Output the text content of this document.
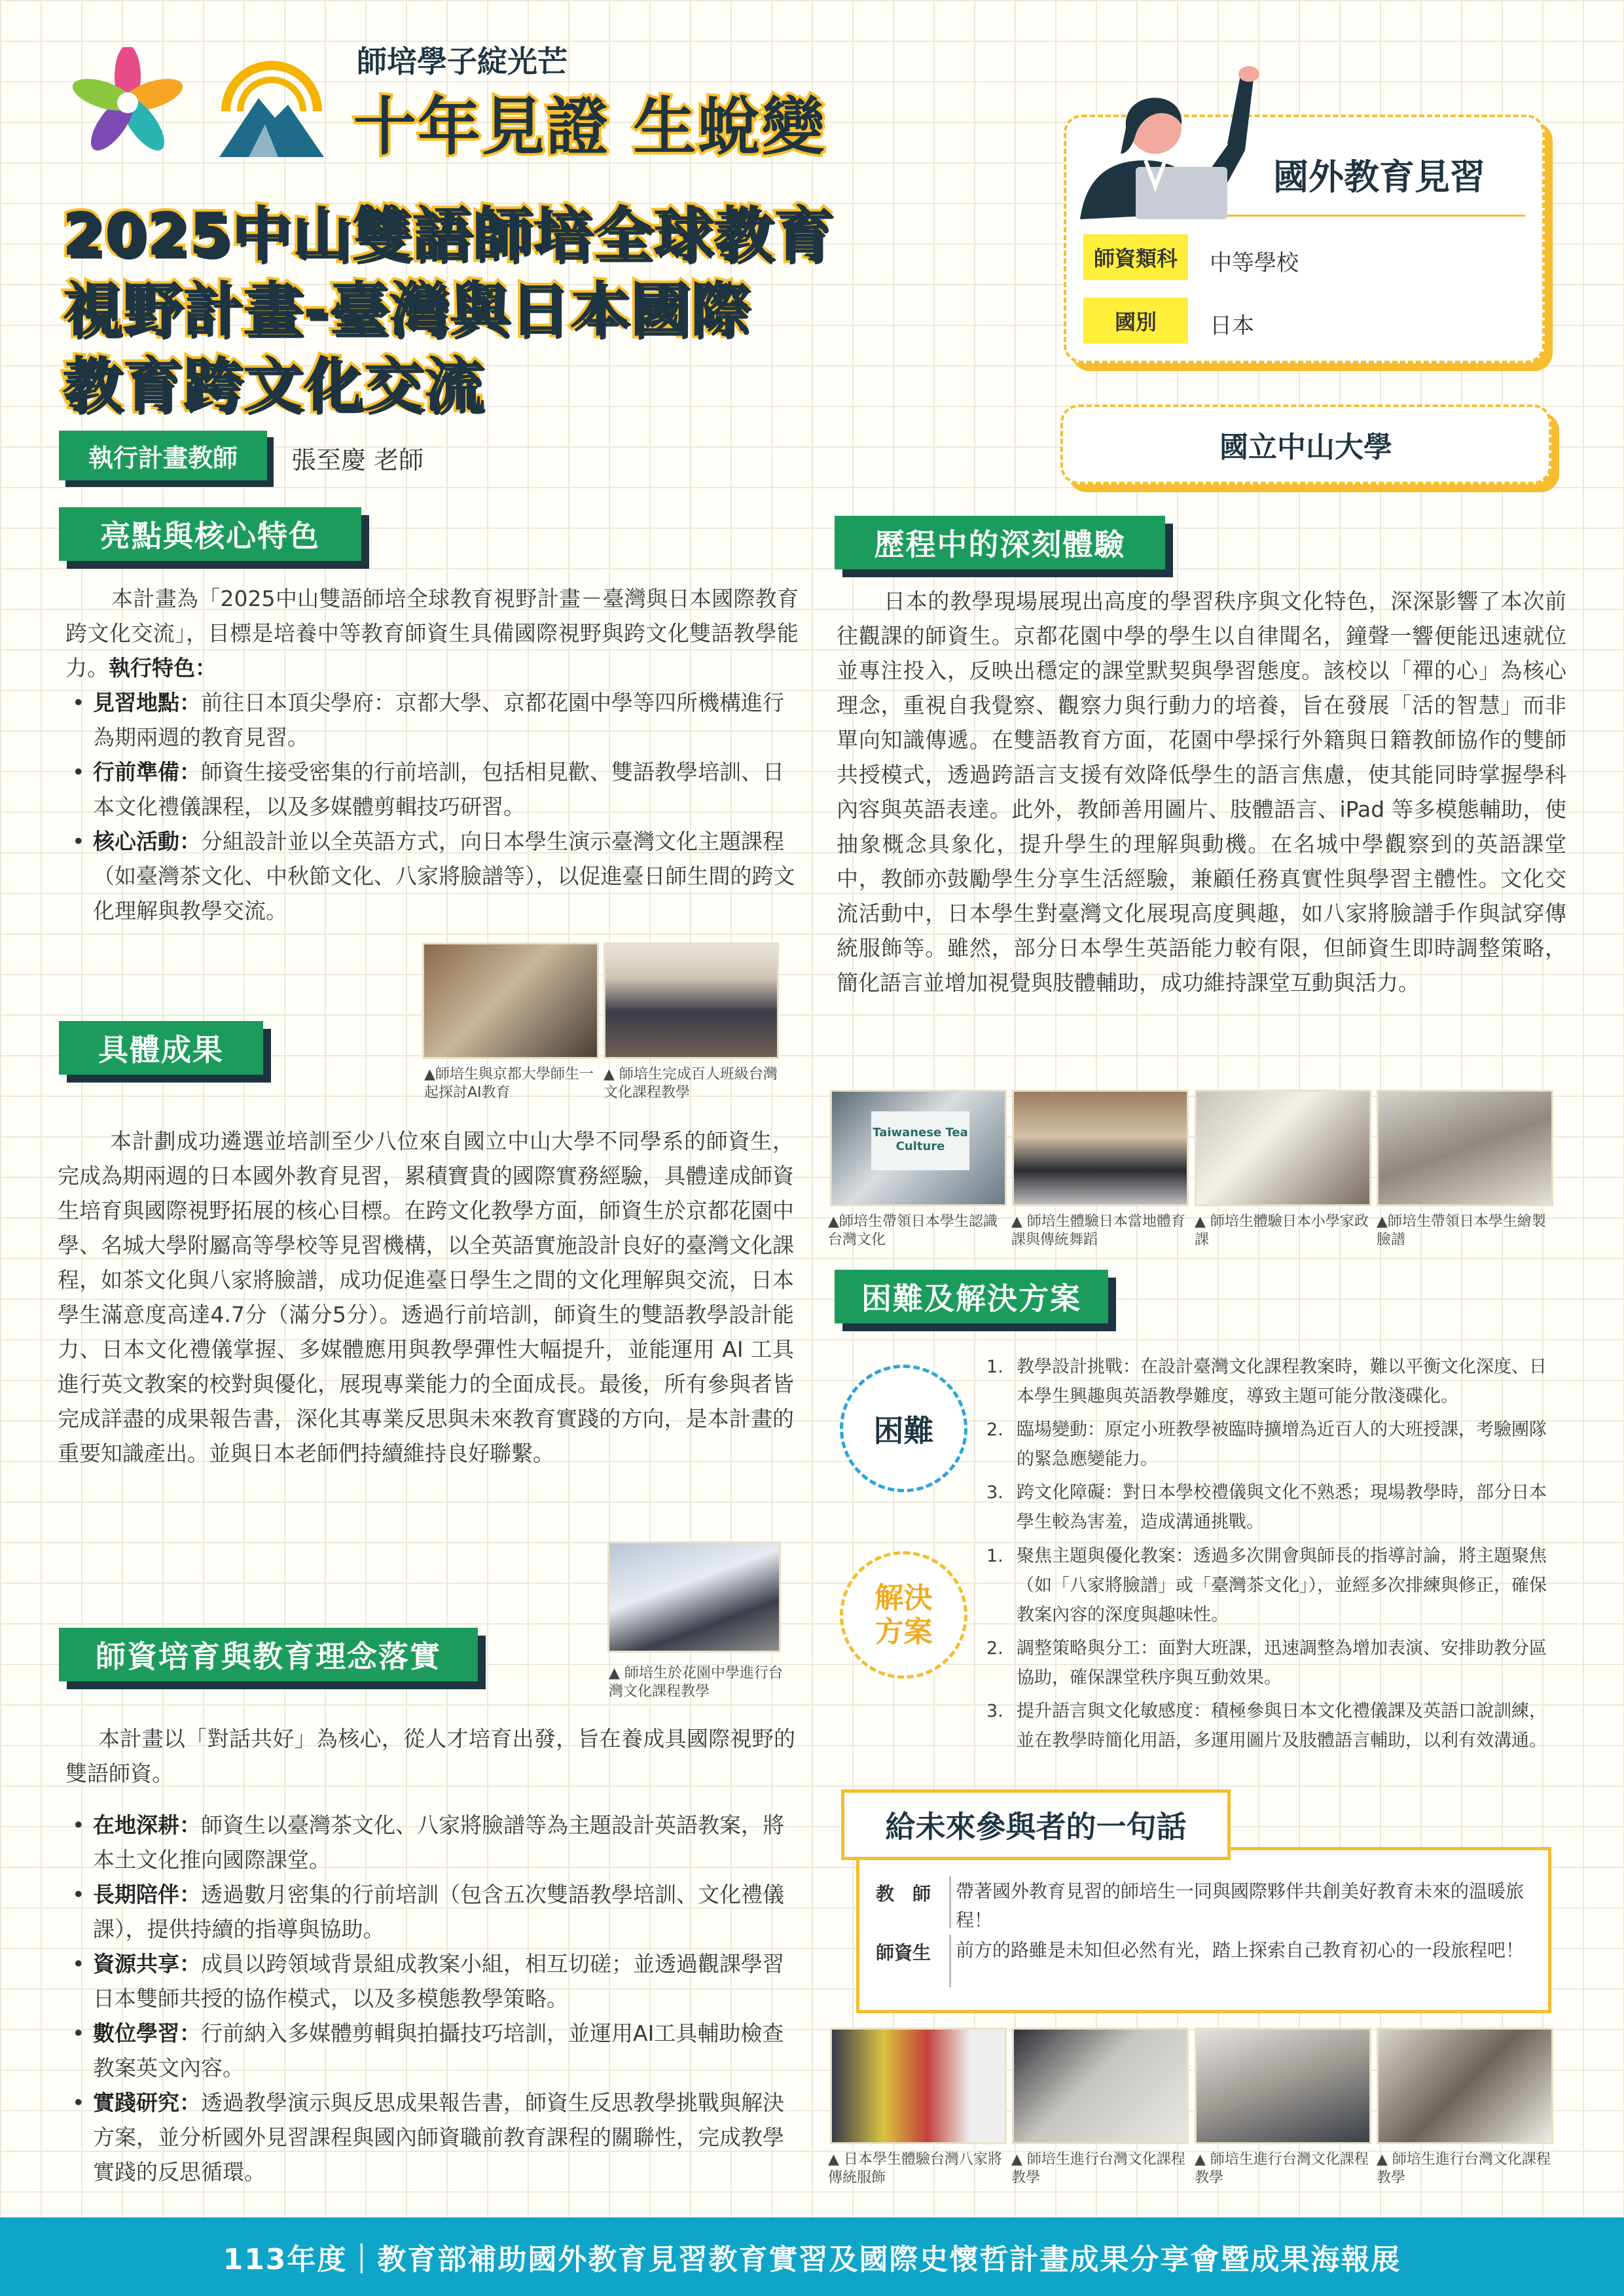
師培學子綻光芒
十年見證 生蛻變
2025中山雙語師培全球教育
視野計畫-臺灣與日本國際
教育跨文化交流
執行計畫教師	張至慶 老師
國外教育見習
師資類科	中等學校
國別	日本
國立中山大學
亮點與核心特色
本計畫為「2025中山雙語師培全球教育視野計畫－臺灣與日本國際教育跨文化交流」，目標是培養中等教育師資生具備國際視野與跨文化雙語教學能力。執行特色：
• 見習地點：前往日本頂尖學府：京都大學、京都花園中學等四所機構進行為期兩週的教育見習。
• 行前準備：師資生接受密集的行前培訓，包括相見歡、雙語教學培訓、日本文化禮儀課程，以及多媒體剪輯技巧研習。
• 核心活動：分組設計並以全英語方式，向日本學生演示臺灣文化主題課程（如臺灣茶文化、中秋節文化、八家將臉譜等），以促進臺日師生間的跨文化理解與教學交流。
▲師培生與京都大學師生一起探討AI教育
▲ 師培生完成百人班級台灣文化課程教學
具體成果
本計劃成功遴選並培訓至少八位來自國立中山大學不同學系的師資生，完成為期兩週的日本國外教育見習，累積寶貴的國際實務經驗，具體達成師資生培育與國際視野拓展的核心目標。在跨文化教學方面，師資生於京都花園中學、名城大學附屬高等學校等見習機構，以全英語實施設計良好的臺灣文化課程，如茶文化與八家將臉譜，成功促進臺日學生之間的文化理解與交流，日本學生滿意度高達4.7分（滿分5分）。透過行前培訓，師資生的雙語教學設計能力、日本文化禮儀掌握、多媒體應用與教學彈性大幅提升，並能運用 AI 工具進行英文教案的校對與優化，展現專業能力的全面成長。最後，所有參與者皆完成詳盡的成果報告書，深化其專業反思與未來教育實踐的方向，是本計畫的重要知識產出。並與日本老師們持續維持良好聯繫。
▲ 師培生於花園中學進行台灣文化課程教學
師資培育與教育理念落實
本計畫以「對話共好」為核心，從人才培育出發，旨在養成具國際視野的雙語師資。
• 在地深耕：師資生以臺灣茶文化、八家將臉譜等為主題設計英語教案，將本土文化推向國際課堂。
• 長期陪伴：透過數月密集的行前培訓（包含五次雙語教學培訓、文化禮儀課），提供持續的指導與協助。
• 資源共享：成員以跨領域背景組成教案小組，相互切磋；並透過觀課學習日本雙師共授的協作模式，以及多模態教學策略。
• 數位學習：行前納入多媒體剪輯與拍攝技巧培訓，並運用AI工具輔助檢查教案英文內容。
• 實踐研究：透過教學演示與反思成果報告書，師資生反思教學挑戰與解決方案，並分析國外見習課程與國內師資職前教育課程的關聯性，完成教學實踐的反思循環。
歷程中的深刻體驗
日本的教學現場展現出高度的學習秩序與文化特色，深深影響了本次前往觀課的師資生。京都花園中學的學生以自律聞名，鐘聲一響便能迅速就位並專注投入，反映出穩定的課堂默契與學習態度。該校以「禪的心」為核心理念，重視自我覺察、觀察力與行動力的培養，旨在發展「活的智慧」而非單向知識傳遞。在雙語教育方面，花園中學採行外籍與日籍教師協作的雙師共授模式，透過跨語言支援有效降低學生的語言焦慮，使其能同時掌握學科內容與英語表達。此外，教師善用圖片、肢體語言、iPad 等多模態輔助，使抽象概念具象化，提升學生的理解與動機。在名城中學觀察到的英語課堂中，教師亦鼓勵學生分享生活經驗，兼顧任務真實性與學習主體性。文化交流活動中，日本學生對臺灣文化展現高度興趣，如八家將臉譜手作與試穿傳統服飾等。雖然，部分日本學生英語能力較有限，但師資生即時調整策略，簡化語言並增加視覺與肢體輔助，成功維持課堂互動與活力。
Taiwanese Tea Culture
▲師培生帶領日本學生認識台灣文化
▲ 師培生體驗日本當地體育課與傳統舞蹈
▲ 師培生體驗日本小學家政課
▲師培生帶領日本學生繪製臉譜
困難及解決方案
困難
1. 教學設計挑戰：在設計臺灣文化課程教案時，難以平衡文化深度、日本學生興趣與英語教學難度，導致主題可能分散淺碟化。
2. 臨場變動：原定小班教學被臨時擴增為近百人的大班授課，考驗團隊的緊急應變能力。
3. 跨文化障礙：對日本學校禮儀與文化不熟悉；現場教學時，部分日本學生較為害羞，造成溝通挑戰。
解決
方案
1. 聚焦主題與優化教案：透過多次開會與師長的指導討論，將主題聚焦（如「八家將臉譜」或「臺灣茶文化」），並經多次排練與修正，確保教案內容的深度與趣味性。
2. 調整策略與分工：面對大班課，迅速調整為增加表演、安排助教分區協助，確保課堂秩序與互動效果。
3. 提升語言與文化敏感度：積極參與日本文化禮儀課及英語口說訓練，並在教學時簡化用語，多運用圖片及肢體語言輔助，以利有效溝通。
給未來參與者的一句話
教　師 帶著國外教育見習的師培生一同與國際夥伴共創美好教育未來的溫暖旅程！
師資生 前方的路雖是未知但必然有光，踏上探索自己教育初心的一段旅程吧！
▲ 日本學生體驗台灣八家將傳統服飾
▲ 師培生進行台灣文化課程教學
▲ 師培生進行台灣文化課程教學
▲ 師培生進行台灣文化課程教學
113年度｜教育部補助國外教育見習教育實習及國際史懷哲計畫成果分享會暨成果海報展
